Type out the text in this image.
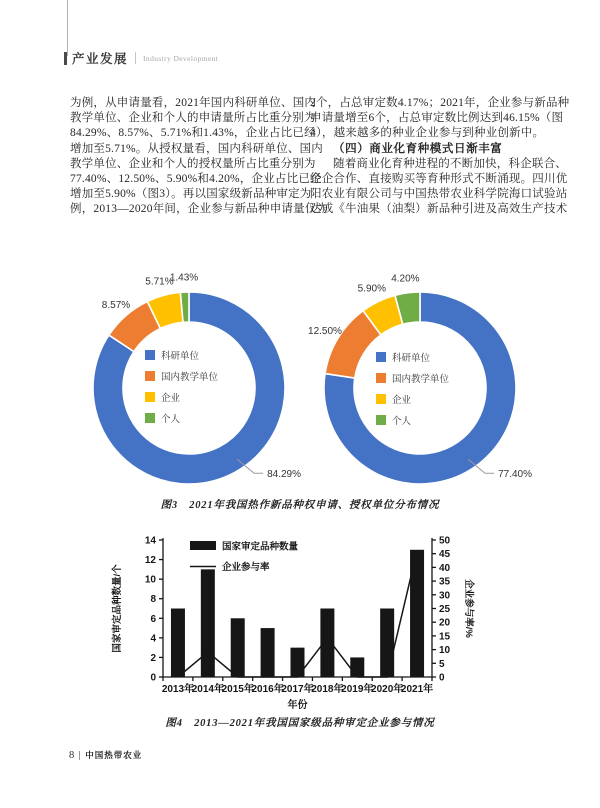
产业发展 Industry Development
为例，从申请量看，2021年国内科研单位、国内
教学单位、企业和个人的申请量所占比重分别为
84.29%、8.57%、5.71%和1.43%，企业占比已经
增加至5.71%。从授权量看，国内科研单位、国内
教学单位、企业和个人的授权量所占比重分别为
77.40%、12.50%、5.90%和4.20%，企业占比已经
增加至5.90%（图3）。再以国家级新品种审定为
例，2013—2020年间，企业参与新品种申请量仅为
2个，占总审定数4.17%；2021年，企业参与新品种
申请量增至6个，占总审定数比例达到46.15%（图
4），越来越多的种业企业参与到种业创新中。
（四）商业化育种模式日渐丰富
随着商业化育种进程的不断加快，科企联合、
企企合作、直接购买等育种形式不断涌现。四川优
阳农业有限公司与中国热带农业科学院海口试验站
达成《牛油果（油梨）新品种引进及高效生产技术
84.29%
8.57%
5.71%
1.43%
科研单位
国内教学单位
企业
个人
77.40%
12.50%
5.90%
4.20%
科研单位
国内教学单位
企业
个人
图3　2021年我国热作新品种权申请、授权单位分布情况
0
2
4
6
8
10
12
14
0
5
10
15
20
25
30
35
40
45
50
2013年
2014年
2015年
2016年
2017年
2018年
2019年
2020年
2021年
国家审定品种数量/个	企业参与率/%
年份
国家审定品种数量
企业参与率
图4　2013—2021年我国国家级品种审定企业参与情况
8 中国热带农业
